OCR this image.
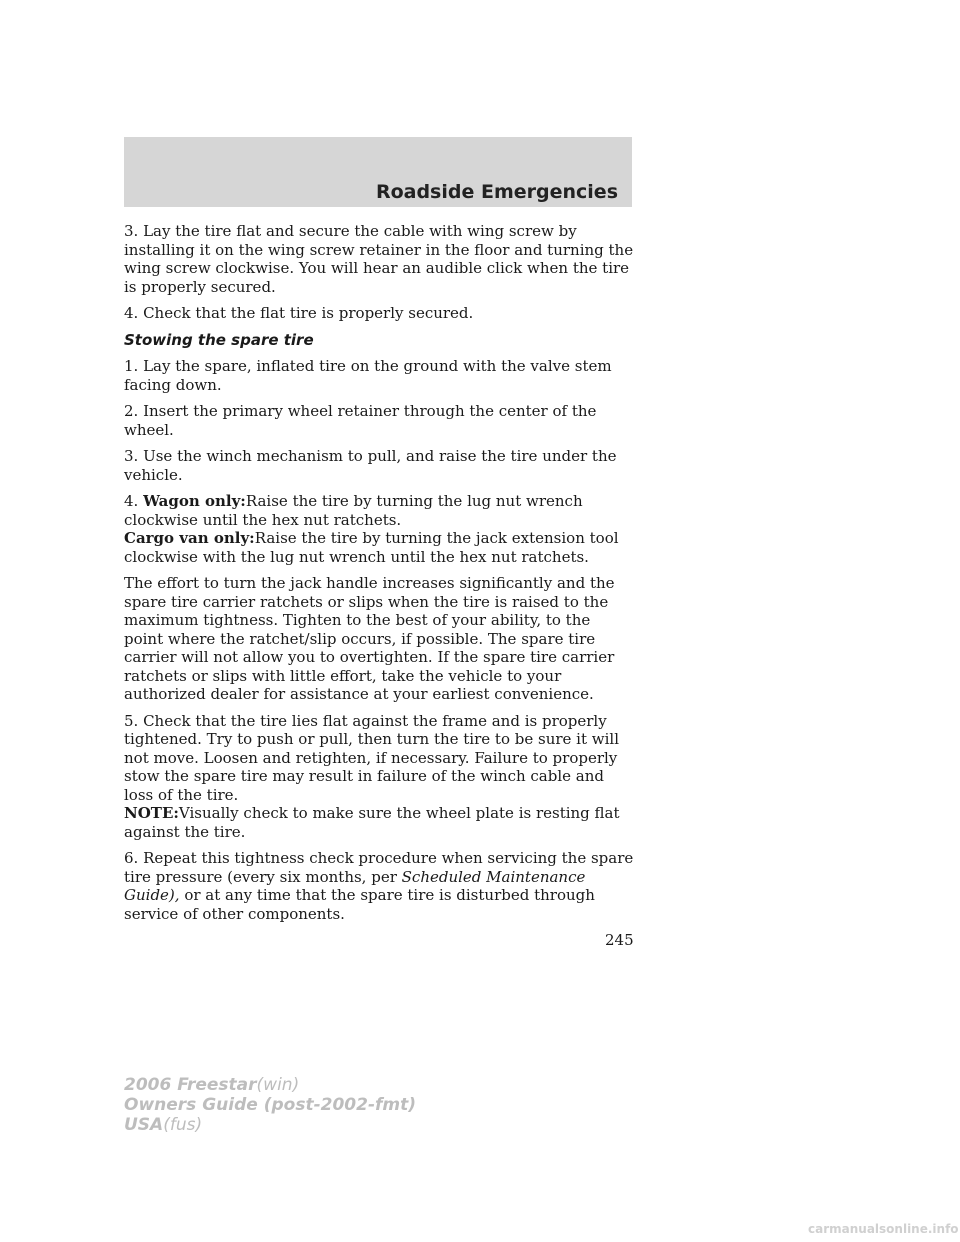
Roadside Emergencies

3. Lay the tire flat and secure the cable with wing screw by installing it on the wing screw retainer in the floor and turning the wing screw clockwise. You will hear an audible click when the tire is properly secured.

4. Check that the flat tire is properly secured.

Stowing the spare tire

1. Lay the spare, inflated tire on the ground with the valve stem facing down.

2. Insert the primary wheel retainer through the center of the wheel.

3. Use the winch mechanism to pull, and raise the tire under the vehicle.

4. Wagon only:Raise the tire by turning the lug nut wrench clockwise until the hex nut ratchets.

Cargo van only:Raise the tire by turning the jack extension tool clockwise with the lug nut wrench until the hex nut ratchets.

The effort to turn the jack handle increases significantly and the spare tire carrier ratchets or slips when the tire is raised to the maximum tightness. Tighten to the best of your ability, to the point where the ratchet/slip occurs, if possible. The spare tire carrier will not allow you to overtighten. If the spare tire carrier ratchets or slips with little effort, take the vehicle to your authorized dealer for assistance at your earliest convenience.

5. Check that the tire lies flat against the frame and is properly tightened. Try to push or pull, then turn the tire to be sure it will not move. Loosen and retighten, if necessary. Failure to properly stow the spare tire may result in failure of the winch cable and loss of the tire.

NOTE:Visually check to make sure the wheel plate is resting flat against the tire.

6. Repeat this tightness check procedure when servicing the spare tire pressure (every six months, per Scheduled Maintenance Guide), or at any time that the spare tire is disturbed through service of other components.

245
2006 Freestar(win)
Owners Guide (post-2002-fmt)
USA(fus)
carmanualsonline.info
